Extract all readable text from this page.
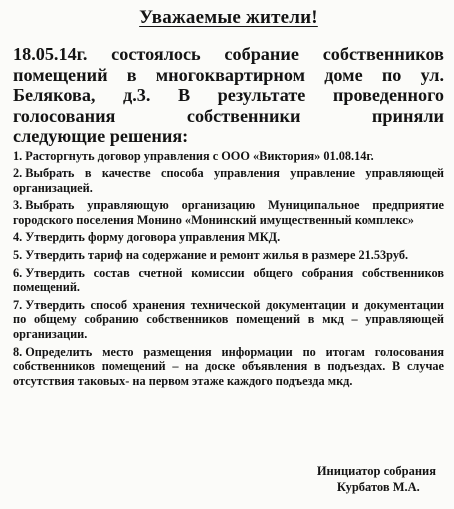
Уважаемые жители!

18.05.14г. состоялось собрание собственников

помещений в многоквартирном доме по ул.

Белякова, д.3. В результате проведенного

голосования собственники приняли

следующие решения:

1. Расторгнуть договор управления с ООО «Виктория» 01.08.14г.
2. Выбрать в качестве способа управления управление управляющей организацией.
3. Выбрать управляющую организацию Муниципальное предприятие городского поселения Монино «Монинский имущественный комплекс»
4. Утвердить форму договора управления МКД.
5. Утвердить тариф на содержание и ремонт жилья в размере 21.53руб.
6. Утвердить состав счетной комиссии общего собрания собственников помещений.
7. Утвердить способ хранения технической документации и документации по общему собранию собственников помещений в мкд – управляющей организации.
8. Определить место размещения информации по итогам голосования собственников помещений – на доске объявления в подъездах. В случае отсутствия таковых- на первом этаже каждого подъезда мкд.
Инициатор собрания
Курбатов М.А.
